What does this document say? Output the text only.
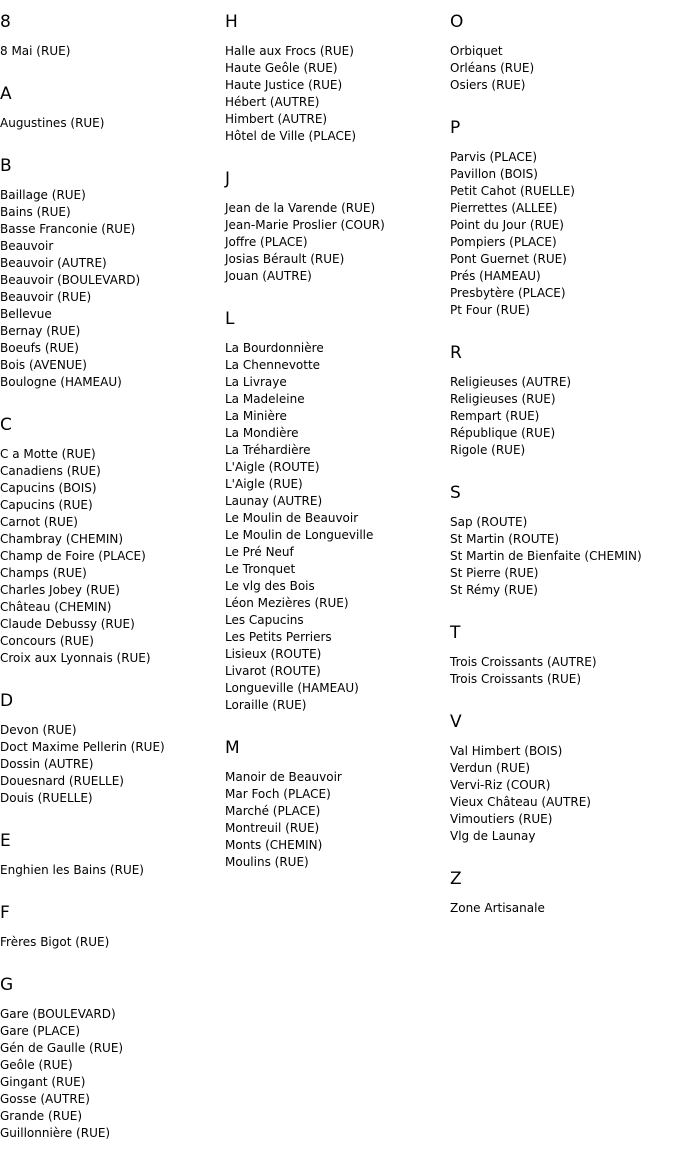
8
8 Mai (RUE)
A
Augustines (RUE)
B
Baillage (RUE)
Bains (RUE)
Basse Franconie (RUE)
Beauvoir
Beauvoir (AUTRE)
Beauvoir (BOULEVARD)
Beauvoir (RUE)
Bellevue
Bernay (RUE)
Boeufs (RUE)
Bois (AVENUE)
Boulogne (HAMEAU)
C
C a Motte (RUE)
Canadiens (RUE)
Capucins (BOIS)
Capucins (RUE)
Carnot (RUE)
Chambray (CHEMIN)
Champ de Foire (PLACE)
Champs (RUE)
Charles Jobey (RUE)
Château (CHEMIN)
Claude Debussy (RUE)
Concours (RUE)
Croix aux Lyonnais (RUE)
D
Devon (RUE)
Doct Maxime Pellerin (RUE)
Dossin (AUTRE)
Douesnard (RUELLE)
Douis (RUELLE)
E
Enghien les Bains (RUE)
F
Frères Bigot (RUE)
G
Gare (BOULEVARD)
Gare (PLACE)
Gén de Gaulle (RUE)
Geôle (RUE)
Gingant (RUE)
Gosse (AUTRE)
Grande (RUE)
Guillonnière (RUE)
H
Halle aux Frocs (RUE)
Haute Geôle (RUE)
Haute Justice (RUE)
Hébert (AUTRE)
Himbert (AUTRE)
Hôtel de Ville (PLACE)
J
Jean de la Varende (RUE)
Jean-Marie Proslier (COUR)
Joffre (PLACE)
Josias Bérault (RUE)
Jouan (AUTRE)
L
La Bourdonnière
La Chennevotte
La Livraye
La Madeleine
La Minière
La Mondière
La Tréhardière
L'Aigle (ROUTE)
L'Aigle (RUE)
Launay (AUTRE)
Le Moulin de Beauvoir
Le Moulin de Longueville
Le Pré Neuf
Le Tronquet
Le vlg des Bois
Léon Mezières (RUE)
Les Capucins
Les Petits Perriers
Lisieux (ROUTE)
Livarot (ROUTE)
Longueville (HAMEAU)
Loraille (RUE)
M
Manoir de Beauvoir
Mar Foch (PLACE)
Marché (PLACE)
Montreuil (RUE)
Monts (CHEMIN)
Moulins (RUE)
O
Orbiquet
Orléans (RUE)
Osiers (RUE)
P
Parvis (PLACE)
Pavillon (BOIS)
Petit Cahot (RUELLE)
Pierrettes (ALLEE)
Point du Jour (RUE)
Pompiers (PLACE)
Pont Guernet (RUE)
Prés (HAMEAU)
Presbytère (PLACE)
Pt Four (RUE)
R
Religieuses (AUTRE)
Religieuses (RUE)
Rempart (RUE)
République (RUE)
Rigole (RUE)
S
Sap (ROUTE)
St Martin (ROUTE)
St Martin de Bienfaite (CHEMIN)
St Pierre (RUE)
St Rémy (RUE)
T
Trois Croissants (AUTRE)
Trois Croissants (RUE)
V
Val Himbert (BOIS)
Verdun (RUE)
Vervi-Riz (COUR)
Vieux Château (AUTRE)
Vimoutiers (RUE)
Vlg de Launay
Z
Zone Artisanale
